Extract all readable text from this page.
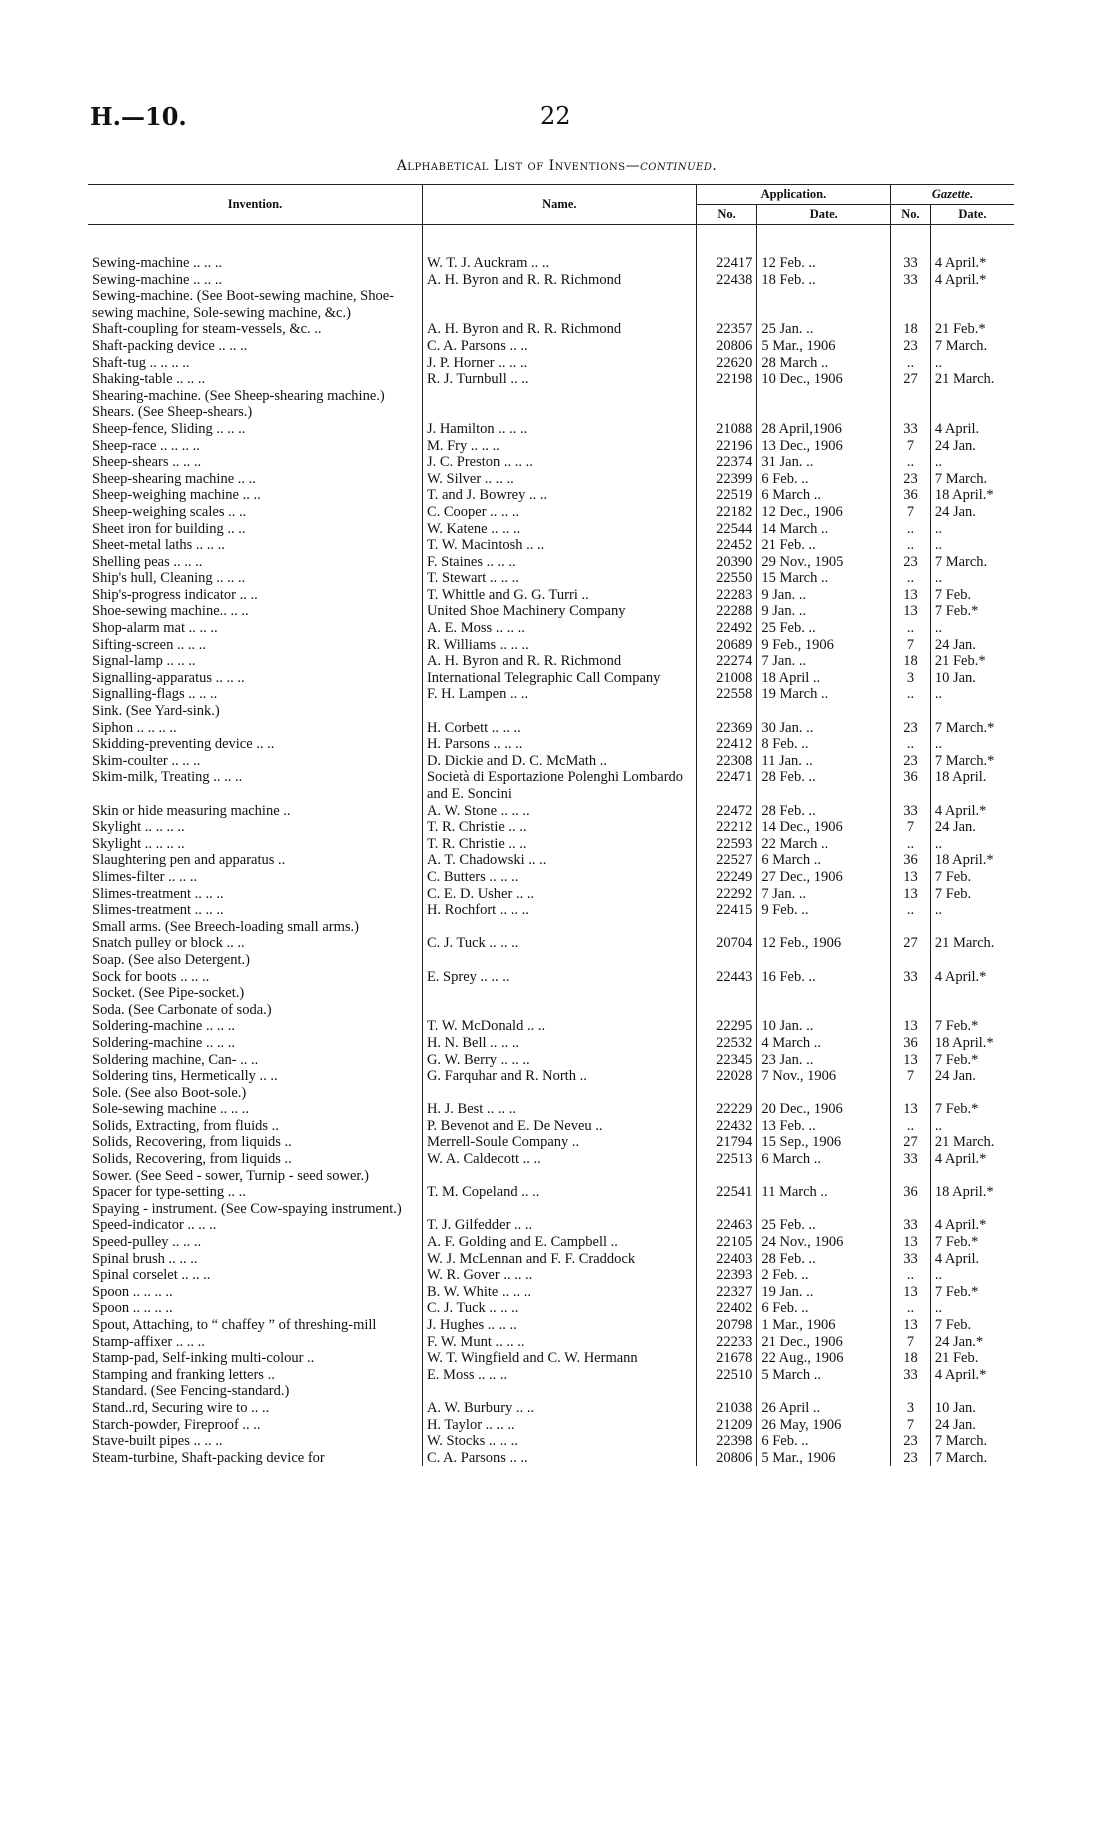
H.—10.	22
Alphabetical List of Inventions—continued.
Invention.	Name.	Application.		Gazette.	
		No.	Date.	No.	Date.

Sewing-machine .. .. ..	W. T. J. Auckram .. ..	22417	12 Feb. ..	33	4 April.*
Sewing-machine .. .. ..	A. H. Byron and R. R. Richmond	22438	18 Feb. ..	33	4 April.*
Sewing-machine. (See Boot-sewing machine, Shoe-sewing machine, Sole-sewing machine, &c.)					
Shaft-coupling for steam-vessels, &c. ..	A. H. Byron and R. R. Richmond	22357	25 Jan. ..	18	21 Feb.*
Shaft-packing device .. .. ..	C. A. Parsons .. ..	20806	5 Mar., 1906	23	7 March.
Shaft-tug .. .. .. ..	J. P. Horner .. .. ..	22620	28 March ..	..	..
Shaking-table .. .. ..	R. J. Turnbull .. ..	22198	10 Dec., 1906	27	21 March.
Shearing-machine. (See Sheep-shearing machine.)					
Shears. (See Sheep-shears.)					
Sheep-fence, Sliding .. .. ..	J. Hamilton .. .. ..	21088	28 April,1906	33	4 April.
Sheep-race .. .. .. ..	M. Fry .. .. ..	22196	13 Dec., 1906	7	24 Jan.
Sheep-shears .. .. ..	J. C. Preston .. .. ..	22374	31 Jan. ..	..	..
Sheep-shearing machine .. ..	W. Silver .. .. ..	22399	6 Feb. ..	23	7 March.
Sheep-weighing machine .. ..	T. and J. Bowrey .. ..	22519	6 March ..	36	18 April.*
Sheep-weighing scales .. ..	C. Cooper .. .. ..	22182	12 Dec., 1906	7	24 Jan.
Sheet iron for building .. ..	W. Katene .. .. ..	22544	14 March ..	..	..
Sheet-metal laths .. .. ..	T. W. Macintosh .. ..	22452	21 Feb. ..	..	..
Shelling peas .. .. ..	F. Staines .. .. ..	20390	29 Nov., 1905	23	7 March.
Ship's hull, Cleaning .. .. ..	T. Stewart .. .. ..	22550	15 March ..	..	..
Ship's-progress indicator .. ..	T. Whittle and G. G. Turri ..	22283	9 Jan. ..	13	7 Feb.
Shoe-sewing machine.. .. ..	United Shoe Machinery Company	22288	9 Jan. ..	13	7 Feb.*
Shop-alarm mat .. .. ..	A. E. Moss .. .. ..	22492	25 Feb. ..	..	..
Sifting-screen .. .. ..	R. Williams .. .. ..	20689	9 Feb., 1906	7	24 Jan.
Signal-lamp .. .. ..	A. H. Byron and R. R. Richmond	22274	7 Jan. ..	18	21 Feb.*
Signalling-apparatus .. .. ..	International Telegraphic Call Company	21008	18 April ..	3	10 Jan.
Signalling-flags .. .. ..	F. H. Lampen .. ..	22558	19 March ..	..	..
Sink. (See Yard-sink.)					
Siphon .. .. .. ..	H. Corbett .. .. ..	22369	30 Jan. ..	23	7 March.*
Skidding-preventing device .. ..	H. Parsons .. .. ..	22412	8 Feb. ..	..	..
Skim-coulter .. .. ..	D. Dickie and D. C. McMath ..	22308	11 Jan. ..	23	7 March.*
Skim-milk, Treating .. .. ..	Società di Esportazione Polenghi Lombardo and E. Soncini	22471	28 Feb. ..	36	18 April.
Skin or hide measuring machine ..	A. W. Stone .. .. ..	22472	28 Feb. ..	33	4 April.*
Skylight .. .. .. ..	T. R. Christie .. ..	22212	14 Dec., 1906	7	24 Jan.
Skylight .. .. .. ..	T. R. Christie .. ..	22593	22 March ..	..	..
Slaughtering pen and apparatus ..	A. T. Chadowski .. ..	22527	6 March ..	36	18 April.*
Slimes-filter .. .. ..	C. Butters .. .. ..	22249	27 Dec., 1906	13	7 Feb.
Slimes-treatment .. .. ..	C. E. D. Usher .. ..	22292	7 Jan. ..	13	7 Feb.
Slimes-treatment .. .. ..	H. Rochfort .. .. ..	22415	9 Feb. ..	..	..
Small arms. (See Breech-loading small arms.)					
Snatch pulley or block .. ..	C. J. Tuck .. .. ..	20704	12 Feb., 1906	27	21 March.
Soap. (See also Detergent.)					
Sock for boots .. .. ..	E. Sprey .. .. ..	22443	16 Feb. ..	33	4 April.*
Socket. (See Pipe-socket.)					
Soda. (See Carbonate of soda.)					
Soldering-machine .. .. ..	T. W. McDonald .. ..	22295	10 Jan. ..	13	7 Feb.*
Soldering-machine .. .. ..	H. N. Bell .. .. ..	22532	4 March ..	36	18 April.*
Soldering machine, Can- .. ..	G. W. Berry .. .. ..	22345	23 Jan. ..	13	7 Feb.*
Soldering tins, Hermetically .. ..	G. Farquhar and R. North ..	22028	7 Nov., 1906	7	24 Jan.
Sole. (See also Boot-sole.)					
Sole-sewing machine .. .. ..	H. J. Best .. .. ..	22229	20 Dec., 1906	13	7 Feb.*
Solids, Extracting, from fluids ..	P. Bevenot and E. De Neveu ..	22432	13 Feb. ..	..	..
Solids, Recovering, from liquids ..	Merrell-Soule Company ..	21794	15 Sep., 1906	27	21 March.
Solids, Recovering, from liquids ..	W. A. Caldecott .. ..	22513	6 March ..	33	4 April.*
Sower. (See Seed - sower, Turnip - seed sower.)					
Spacer for type-setting .. ..	T. M. Copeland .. ..	22541	11 March ..	36	18 April.*
Spaying - instrument. (See Cow-spaying instrument.)					
Speed-indicator .. .. ..	T. J. Gilfedder .. ..	22463	25 Feb. ..	33	4 April.*
Speed-pulley .. .. ..	A. F. Golding and E. Campbell ..	22105	24 Nov., 1906	13	7 Feb.*
Spinal brush .. .. ..	W. J. McLennan and F. F. Craddock	22403	28 Feb. ..	33	4 April.
Spinal corselet .. .. ..	W. R. Gover .. .. ..	22393	2 Feb. ..	..	..
Spoon .. .. .. ..	B. W. White .. .. ..	22327	19 Jan. ..	13	7 Feb.*
Spoon .. .. .. ..	C. J. Tuck .. .. ..	22402	6 Feb. ..	..	..
Spout, Attaching, to “ chaffey ” of threshing-mill	J. Hughes .. .. ..	20798	1 Mar., 1906	13	7 Feb.
Stamp-affixer .. .. ..	F. W. Munt .. .. ..	22233	21 Dec., 1906	7	24 Jan.*
Stamp-pad, Self-inking multi-colour ..	W. T. Wingfield and C. W. Hermann	21678	22 Aug., 1906	18	21 Feb.
Stamping and franking letters ..	E. Moss .. .. ..	22510	5 March ..	33	4 April.*
Standard. (See Fencing-standard.)					
Stand..rd, Securing wire to .. ..	A. W. Burbury .. ..	21038	26 April ..	3	10 Jan.
Starch-powder, Fireproof .. ..	H. Taylor .. .. ..	21209	26 May, 1906	7	24 Jan.
Stave-built pipes .. .. ..	W. Stocks .. .. ..	22398	6 Feb. ..	23	7 March.
Steam-turbine, Shaft-packing device for	C. A. Parsons .. ..	20806	5 Mar., 1906	23	7 March.
